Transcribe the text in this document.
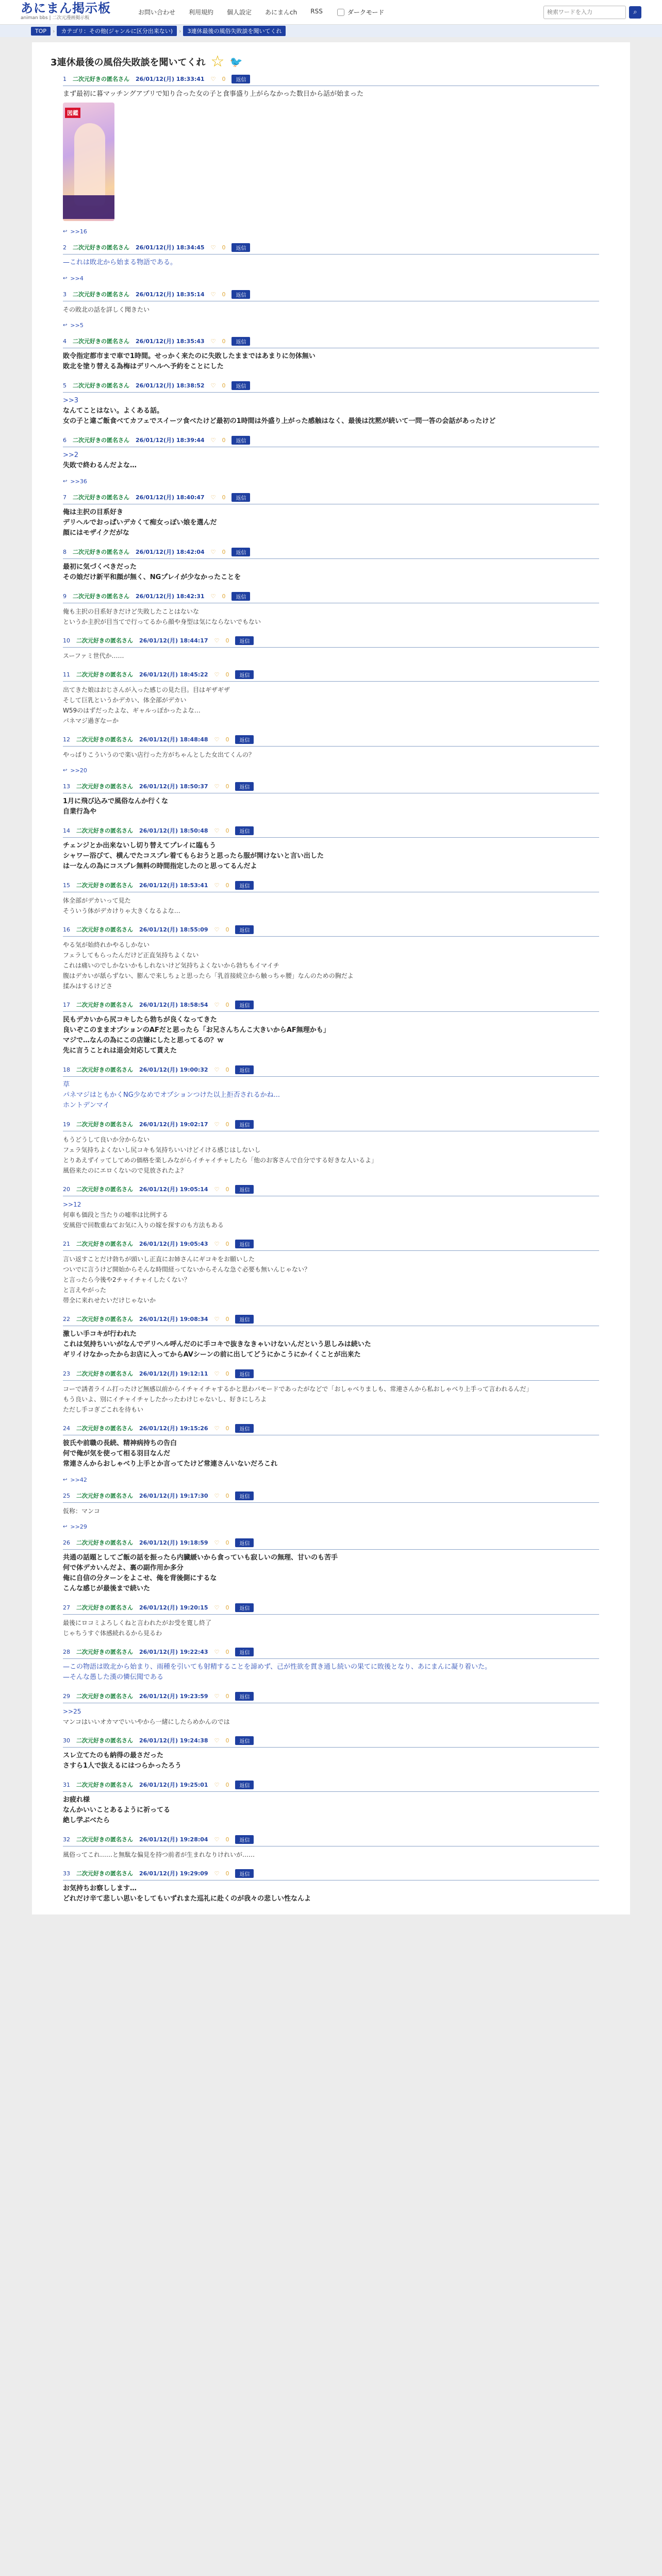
あにまん掲示板
animan bbs | 二次元漫画掲示板
お問い合わせ 利用規約 個人設定 あにまんch RSS	ダークモード
検索ワードを入力	⌕
TOP	›	カテゴリ：その他(ジャンルに区分出来ない)	›	3連休最後の風俗失敗談を聞いてくれ
3連休最後の風俗失敗談を聞いてくれ ☆ 🐦
1 二次元好きの匿名さん 26/01/12(月) 18:33:41 ♡ 0	返信
まず最初に暮マッチングアプリで知り合った女の子と食事盛り上がらなかった数日から話が始まった
図鑑
↩ >>16
2 二次元好きの匿名さん 26/01/12(月) 18:34:45 ♡ 0	返信
—これは敗北から始まる物語である。
↩ >>4
3 二次元好きの匿名さん 26/01/12(月) 18:35:14 ♡ 0	返信
その敗北の話を詳しく聞きたい
↩ >>5
4 二次元好きの匿名さん 26/01/12(月) 18:35:43 ♡ 0	返信
敗令指定都市まで車で1時間。せっかく来たのに失敗したままではあまりに勿体無い
敗北を塗り替える為梅はデリヘルへ予約をことにした
5 二次元好きの匿名さん 26/01/12(月) 18:38:52 ♡ 0	返信
>>3
なんてことはない。よくある話。
女の子と違ご飯食べてカフェでスイーツ食べたけど最初の1時間は外盛り上がった感触はなく、最後は沈黙が続いて一問一答の会話があったけど
6 二次元好きの匿名さん 26/01/12(月) 18:39:44 ♡ 0	返信
>>2
失敗で終わるんだよな…
↩ >>36
7 二次元好きの匿名さん 26/01/12(月) 18:40:47 ♡ 0	返信
俺は主択の目系好き
デリヘルでおっぱいデカくて痴女っぽい娘を選んだ
顔にはモザイクだがな
8 二次元好きの匿名さん 26/01/12(月) 18:42:04 ♡ 0	返信
最初に気づくべきだった
その娘だけ新平和顔が無く、NGプレイが少なかったことを
9 二次元好きの匿名さん 26/01/12(月) 18:42:31 ♡ 0	返信
俺も主択の目系好きだけど失敗したことはないな
というか主択が目当てで行ってるから顔や身型は気にならないでもない
10 二次元好きの匿名さん 26/01/12(月) 18:44:17 ♡ 0	返信
スーファミ世代か……
11 二次元好きの匿名さん 26/01/12(月) 18:45:22 ♡ 0	返信
出てきた娘はおじさんが入った感じの見た目。目はギザギザ
そして巨乳というかデカい、体全部がデカい
W59のはずだったよな、ギャルっぽかったよな…
パネマジ過ぎなーか
12 二次元好きの匿名さん 26/01/12(月) 18:48:48 ♡ 0	返信
やっぱりこういうので楽い店行った方がちゃんとした女出てくんの？
↩ >>20
13 二次元好きの匿名さん 26/01/12(月) 18:50:37 ♡ 0	返信
1月に飛び込みで風俗なんか行くな
自業行為や
14 二次元好きの匿名さん 26/01/12(月) 18:50:48 ♡ 0	返信
チェンジとか出来ないし切り替えてプレイに臨もう
シャワー浴びて、横んでたコスプレ着てもらおうと思ったら服が開けないと言い出した
は一なんの為にコスプレ無料の時間指定したのと思ってるんだよ
15 二次元好きの匿名さん 26/01/12(月) 18:53:41 ♡ 0	返信
体全部がデカいって見た
そういう体がデカけりゃ大きくなるよな…
16 二次元好きの匿名さん 26/01/12(月) 18:55:09 ♡ 0	返信
やる気が始終れかやるしかない
フェラしてもらったんだけど正直気持ちよくない
これは痛いのでしかないかもしれないけど気持ちよくないから勃ちもイマイチ
腹はデカいが舐らずない、膨んで来しちょと思ったら「乳首接続立から触っちゃ腰」なんのための胸だよ
揉みはするけどさ
17 二次元好きの匿名さん 26/01/12(月) 18:58:54 ♡ 0	返信
民もデカいから尻コキしたら勃ちが良くなってきた
良いぞこのままオプションのAFだと思ったら「お兄さんちんこ大きいからAF無理かも」
マジで…なんの為にこの店嫌にしたと思ってるの？ｗ
先に言うことれは退会対応して貰えた
18 二次元好きの匿名さん 26/01/12(月) 19:00:32 ♡ 0	返信
草
パネマジはともかくNG少なめでオプションつけた以上拒否されるかね...
ホントデンマイ
19 二次元好きの匿名さん 26/01/12(月) 19:02:17 ♡ 0	返信
もうどうして良いか分からない
フェラ気持ちよくないし尻コキも気持ちいいけどイける感じはしないし
とりあえずイッてしてめの価格を楽しみながらイチャイチャしたら「他のお客さんで自分でする好きな人いるよ」
風俗来たのにエロくないので見放されたよ？
20 二次元好きの匿名さん 26/01/12(月) 19:05:14 ♡ 0	返信
>>12
何車も価段と当たりの嘘率は比例する
安風俗で回数重ねてお気に入りの嫁を探すのも方法もある
21 二次元好きの匿名さん 26/01/12(月) 19:05:43 ♡ 0	返信
言い返すことだけ勃ちが頭いし正直にお姉さんにギコキをお願いした
ついでに言うけど開始からそんな時間経ってないからそんな急ぐ必要も無いんじゃない？
と言ったら今後や2チャイチャイしたくない？
と言えやがった
帯全に来れせたいだけじゃないか
22 二次元好きの匿名さん 26/01/12(月) 19:08:34 ♡ 0	返信
激しい手コキが行われた
これは気持ちいいがなんでデリヘル呼んだのに手コキで抜きなきゃいけないんだという思しみは続いた
ギリイけなかったからお店に入ってからAVシーンの前に出してどうにかこうにかイくことが出来た
23 二次元好きの匿名さん 26/01/12(月) 19:12:11 ♡ 0	返信
コーで誘者ライム打ったけど無感以前からイチャイチャするかと思わパモードであったがなどで「おしゃべりましも、常連さんから私おしゃべり上手って言われるんだ」
もう良いよ、別にイチャイチャしたかったわけじゃないし、好きにしろよ
ただし手コぎごこれを待もい
24 二次元好きの匿名さん 26/01/12(月) 19:15:26 ♡ 0	返信
彼氏や前職の長続、精神病持ちの告白
何で俺が気を使って相る羽目なんだ
常連さんからおしゃべり上手とか言ってたけど常連さんいないだろこれ
↩ >>42
25 二次元好きの匿名さん 26/01/12(月) 19:17:30 ♡ 0	返信
仮称：マンコ
↩ >>29
26 二次元好きの匿名さん 26/01/12(月) 19:18:59 ♡ 0	返信
共通の話題としてご飯の話を振ったら内臓緩いから食っていも寂しいの無理、甘いのも苦手
何で体デカいんだよ、裏の副作用か多分
俺に自信の分ターンをよこせ、俺を背後側にするな
こんな感じが最後まで続いた
27 二次元好きの匿名さん 26/01/12(月) 19:20:15 ♡ 0	返信
最後にロコミよろしくねと言われたがお受を寛し終了
じゃちうすぐ体感続れるから見るわ
28 二次元好きの匿名さん 26/01/12(月) 19:22:43 ♡ 0	返信
—この物語は敗北から始まり、雨種を引いても射精することを諦めず、己が性欲を貫き通し続いの果てに敗後となり、あにまんに凝り着いた。
—そんな愚した漢の憐伝聞である
29 二次元好きの匿名さん 26/01/12(月) 19:23:59 ♡ 0	返信
>>25
マンコはいいオカマでいいやから一緒にしたらめかんのでは
30 二次元好きの匿名さん 26/01/12(月) 19:24:38 ♡ 0	返信
スレ立てたのも納得の最さだった
さすら1人で抜えるにはつらかったろう
31 二次元好きの匿名さん 26/01/12(月) 19:25:01 ♡ 0	返信
お疲れ様
なんかいいことあるように祈ってる
絶し学ぶべたら
32 二次元好きの匿名さん 26/01/12(月) 19:28:04 ♡ 0	返信
風俗ってこれ……と無駄な偏見を持つ前者が生まれなりけれいが……
33 二次元好きの匿名さん 26/01/12(月) 19:29:09 ♡ 0	返信
お気持ちお察しします…
どれだけ辛て悲しい思いをしてもいずれまた巡礼に赴くのが我々の悲しい性なんよ
